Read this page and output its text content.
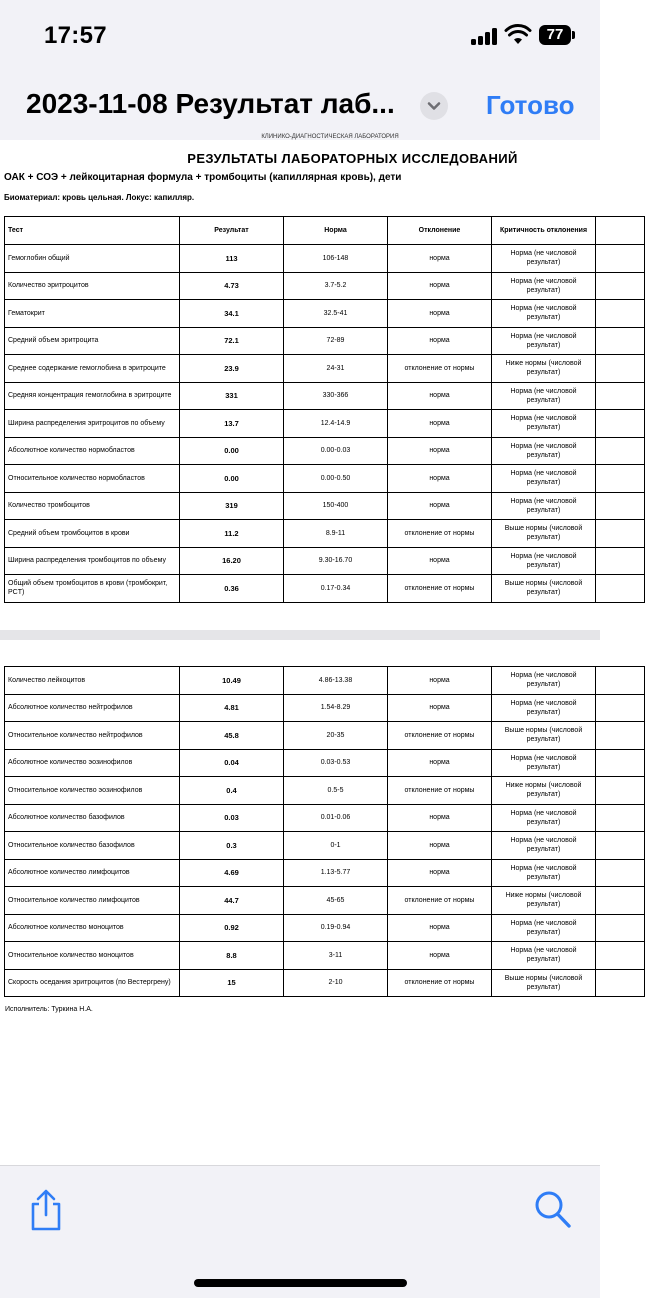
17:57	77
2023-11-08 Результат лаб...	Готово
КЛИНИКО-ДИАГНОСТИЧЕСКАЯ ЛАБОРАТОРИЯ
РЕЗУЛЬТАТЫ ЛАБОРАТОРНЫХ ИССЛЕДОВАНИЙ
ОАК + СОЭ + лейкоцитарная формула + тромбоциты (капиллярная кровь), дети
Биоматериал: кровь цельная. Локус: капилляр.
Тест	Результат	Норма	Отклонение	Критичность отклонения	
Гемоглобин общий	113	106-148	норма	Норма (не числовой результат)	
Количество эритроцитов	4.73	3.7-5.2	норма	Норма (не числовой результат)	
Гематокрит	34.1	32.5-41	норма	Норма (не числовой результат)	
Средний объем эритроцита	72.1	72-89	норма	Норма (не числовой результат)	
Среднее содержание гемоглобина в эритроците	23.9	24-31	отклонение от нормы	Ниже нормы (числовой результат)	
Средняя концентрация гемоглобина в эритроците	331	330-366	норма	Норма (не числовой результат)	
Ширина распределения эритроцитов по объему	13.7	12.4-14.9	норма	Норма (не числовой результат)	
Абсолютное количество нормобластов	0.00	0.00-0.03	норма	Норма (не числовой результат)	
Относительное количество нормобластов	0.00	0.00-0.50	норма	Норма (не числовой результат)	
Количество тромбоцитов	319	150-400	норма	Норма (не числовой результат)	
Средний объем тромбоцитов в крови	11.2	8.9-11	отклонение от нормы	Выше нормы (числовой результат)	
Ширина распределения тромбоцитов по объему	16.20	9.30-16.70	норма	Норма (не числовой результат)	
Общий объем тромбоцитов в крови (тромбокрит, PCT)	0.36	0.17-0.34	отклонение от нормы	Выше нормы (числовой результат)	
Количество лейкоцитов	10.49	4.86-13.38	норма	Норма (не числовой результат)	
Абсолютное количество нейтрофилов	4.81	1.54-8.29	норма	Норма (не числовой результат)	
Относительное количество нейтрофилов	45.8	20-35	отклонение от нормы	Выше нормы (числовой результат)	
Абсолютное количество эозинофилов	0.04	0.03-0.53	норма	Норма (не числовой результат)	
Относительное количество эозинофилов	0.4	0.5-5	отклонение от нормы	Ниже нормы (числовой результат)	
Абсолютное количество базофилов	0.03	0.01-0.06	норма	Норма (не числовой результат)	
Относительное количество базофилов	0.3	0-1	норма	Норма (не числовой результат)	
Абсолютное количество лимфоцитов	4.69	1.13-5.77	норма	Норма (не числовой результат)	
Относительное количество лимфоцитов	44.7	45-65	отклонение от нормы	Ниже нормы (числовой результат)	
Абсолютное количество моноцитов	0.92	0.19-0.94	норма	Норма (не числовой результат)	
Относительное количество моноцитов	8.8	3-11	норма	Норма (не числовой результат)	
Скорость оседания эритроцитов (по Вестергрену)	15	2-10	отклонение от нормы	Выше нормы (числовой результат)	
Исполнитель: Туркина Н.А.
